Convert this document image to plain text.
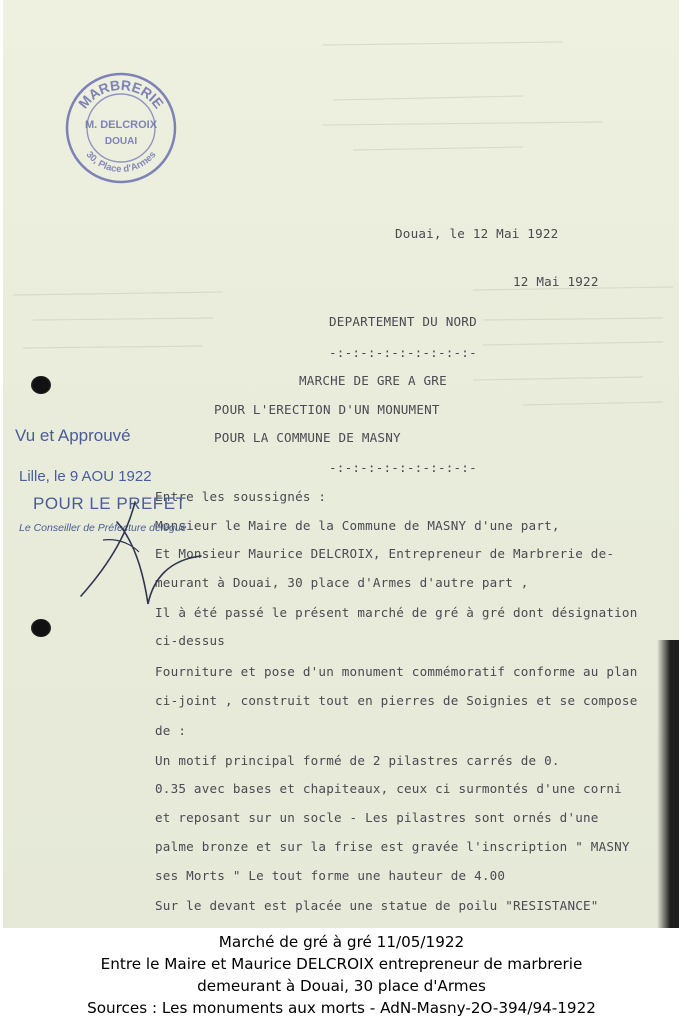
MARBRERIE
30, Place d'Armes
M. DELCROIX
DOUAI
Douai, le 12 Mai 1922
12 Mai 1922
DEPARTEMENT DU NORD
-:-:-:-:-:-:-:-:-:-
MARCHE DE GRE A GRE
POUR L'ERECTION D'UN MONUMENT
POUR LA COMMUNE DE MASNY
-:-:-:-:-:-:-:-:-:-
Entre les soussignés :
Monsieur le Maire de la Commune de MASNY d'une part,
Et Monsieur Maurice DELCROIX, Entrepreneur de Marbrerie de-
meurant à Douai, 30 place d'Armes d'autre part ,
Il à été passé le présent marché de gré à gré dont désignation
ci-dessus
Fourniture et pose d'un monument commémoratif conforme au plan
ci-joint , construit tout en pierres de Soignies et se compose
de :
Un motif principal formé de 2 pilastres carrés de 0.
0.35 avec bases et chapiteaux, ceux ci surmontés d'une corni
et reposant sur un socle - Les pilastres sont ornés d'une
palme bronze et sur la frise est gravée l'inscription " MASNY
ses Morts " Le tout forme une hauteur de 4.00
Sur le devant est placée une statue de poilu "RESISTANCE"
Vu et Approuvé
Lille, le 9 AOU 1922
POUR LE PREFET
Le Conseiller de Préfecture délégué
Marché de gré à gré 11/05/1922
Entre le Maire et Maurice DELCROIX entrepreneur de marbrerie
demeurant à Douai, 30 place d'Armes
Sources : Les monuments aux morts - AdN-Masny-2O-394/94-1922
